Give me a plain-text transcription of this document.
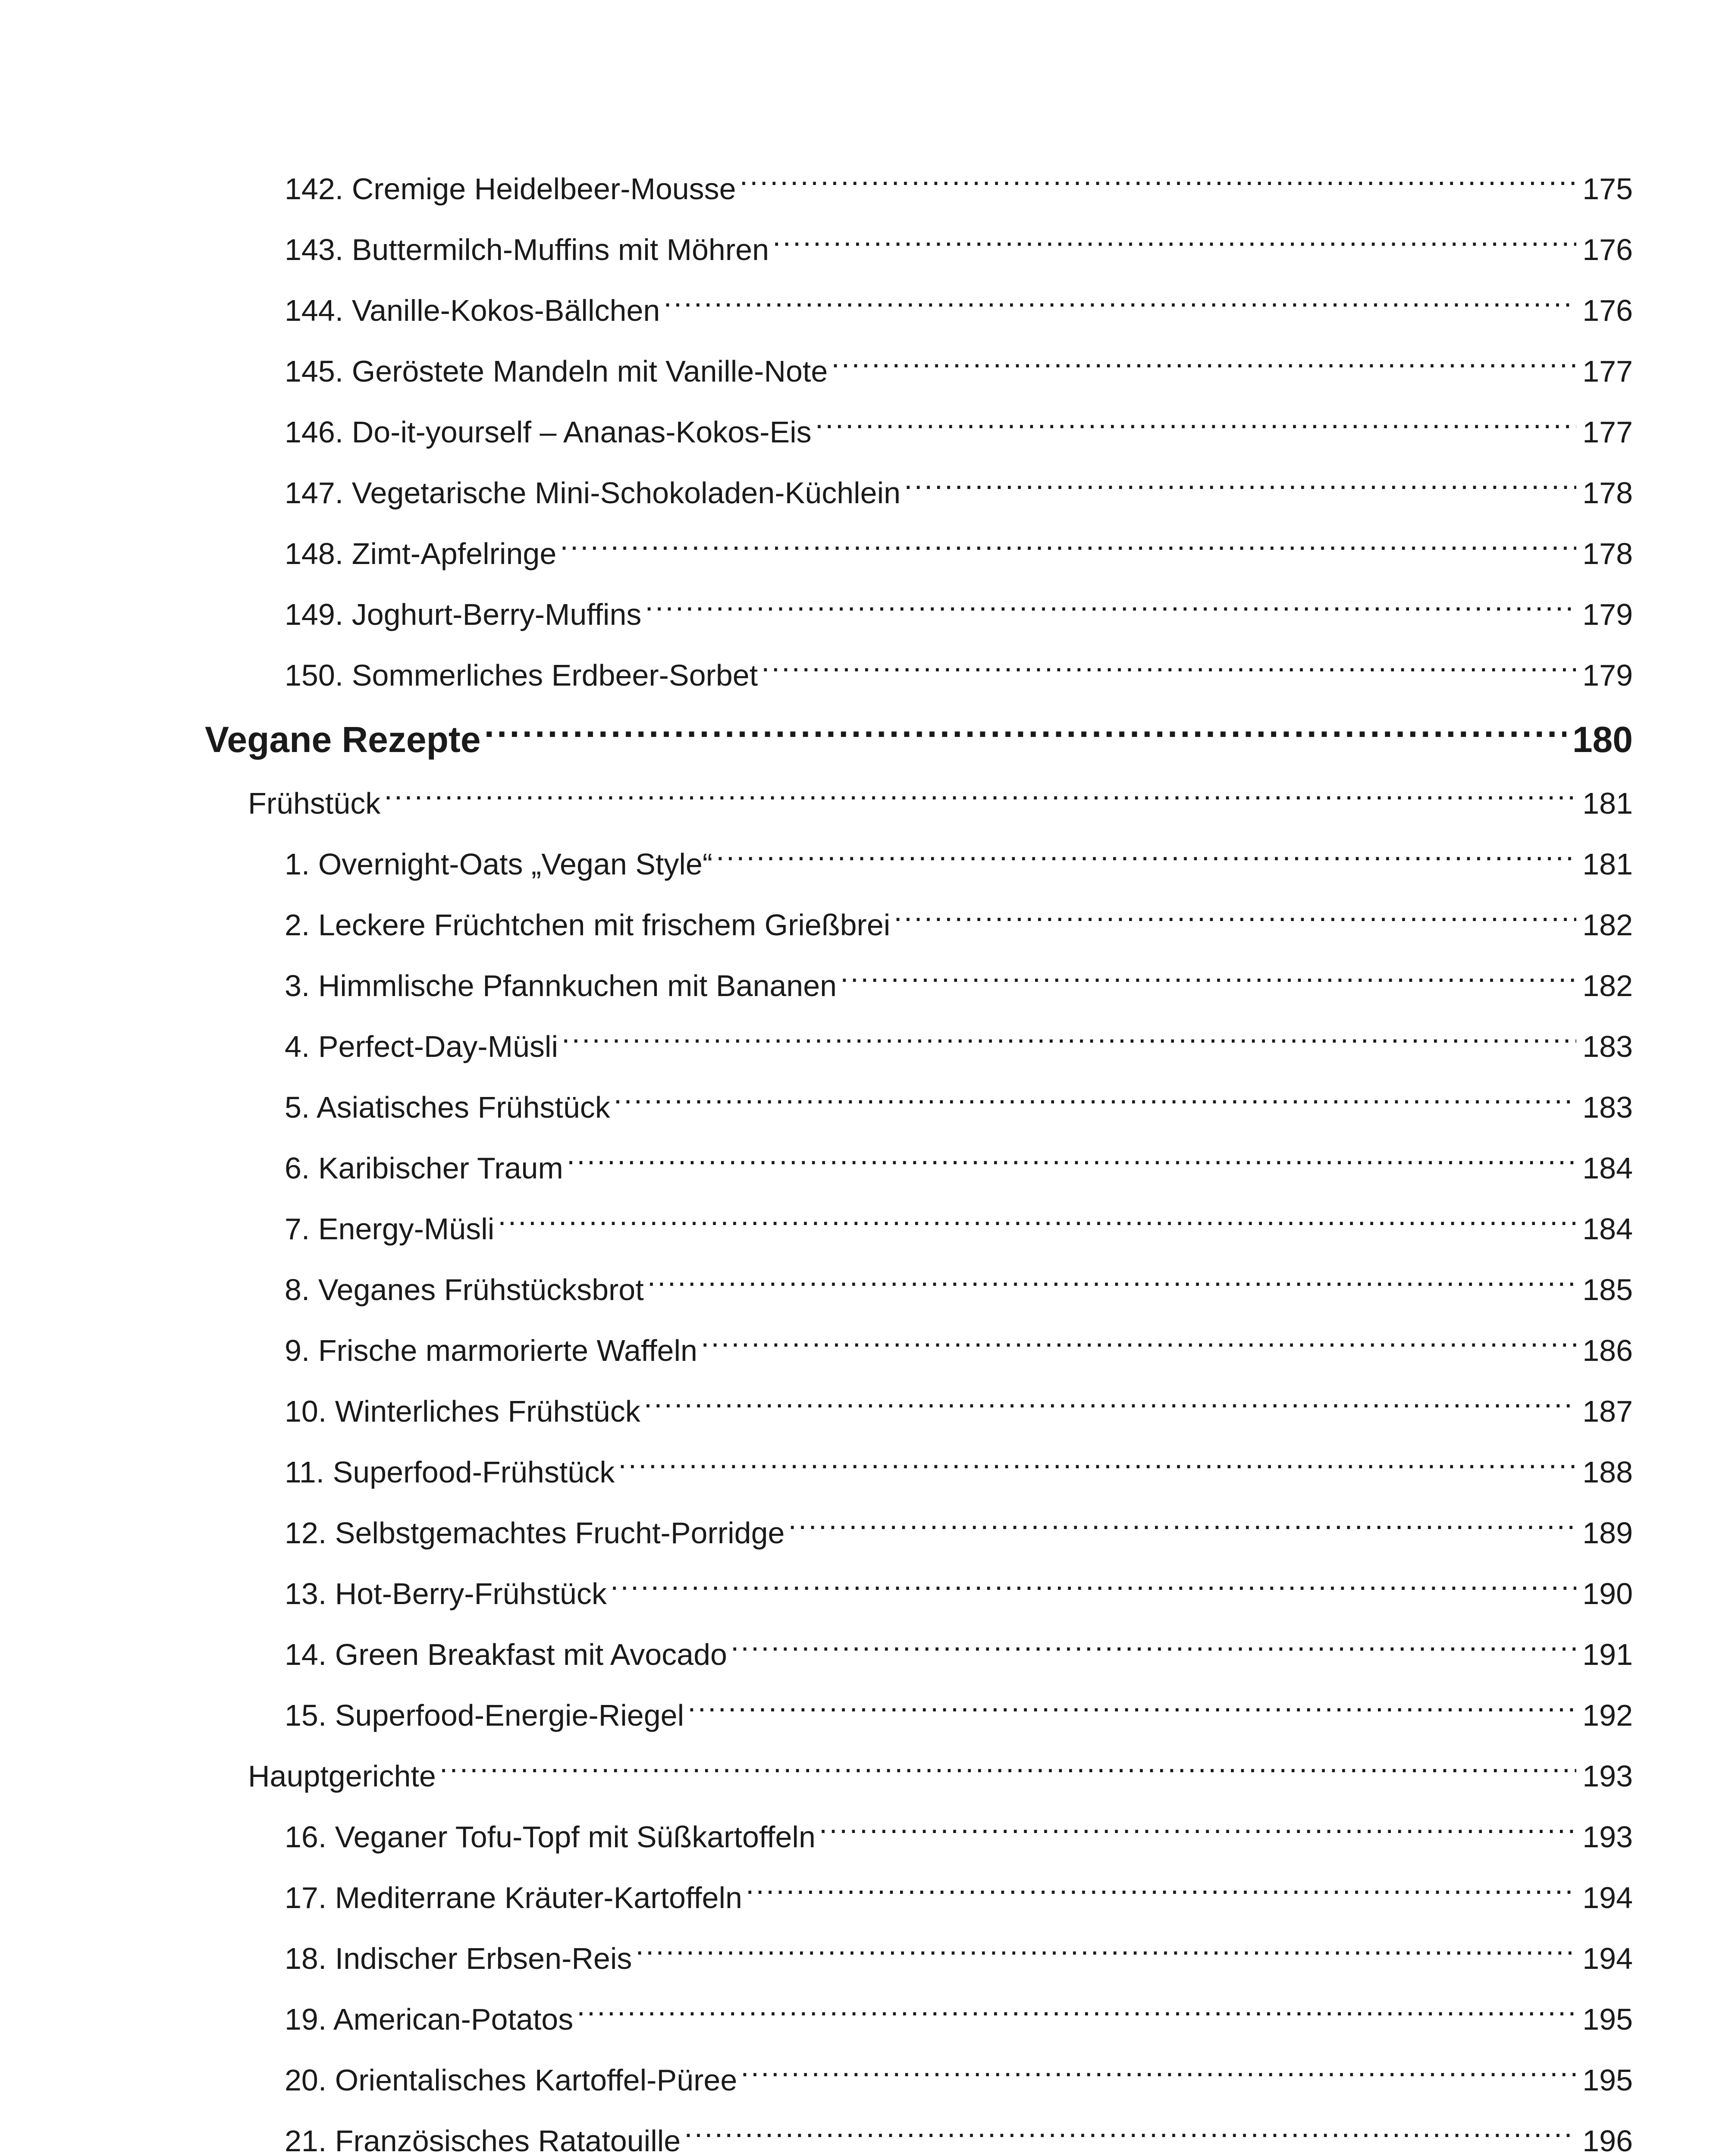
142. Cremige Heidelbeer-Mousse .....	175
143. Buttermilch-Muffins mit Möhren .....	176
144. Vanille-Kokos-Bällchen .....	176
145. Geröstete Mandeln mit Vanille-Note .....	177
146. Do-it-yourself – Ananas-Kokos-Eis .....	177
147. Vegetarische Mini-Schokoladen-Küchlein .....	178
148. Zimt-Apfelringe .....	178
149. Joghurt-Berry-Muffins .....	179
150. Sommerliches Erdbeer-Sorbet .....	179
Vegane Rezepte .....	180
Frühstück .....	181
1. Overnight-Oats „Vegan Style“ .....	181
2. Leckere Früchtchen mit frischem Grießbrei .....	182
3. Himmlische Pfannkuchen mit Bananen .....	182
4. Perfect-Day-Müsli .....	183
5. Asiatisches Frühstück .....	183
6. Karibischer Traum .....	184
7. Energy-Müsli .....	184
8. Veganes Frühstücksbrot .....	185
9. Frische marmorierte Waffeln .....	186
10. Winterliches Frühstück .....	187
11. Superfood-Frühstück .....	188
12. Selbstgemachtes Frucht-Porridge .....	189
13. Hot-Berry-Frühstück .....	190
14. Green Breakfast mit Avocado .....	191
15. Superfood-Energie-Riegel .....	192
Hauptgerichte .....	193
16. Veganer Tofu-Topf mit Süßkartoffeln .....	193
17. Mediterrane Kräuter-Kartoffeln .....	194
18. Indischer Erbsen-Reis .....	194
19. American-Potatos .....	195
20. Orientalisches Kartoffel-Püree .....	195
21. Französisches Ratatouille .....	196
